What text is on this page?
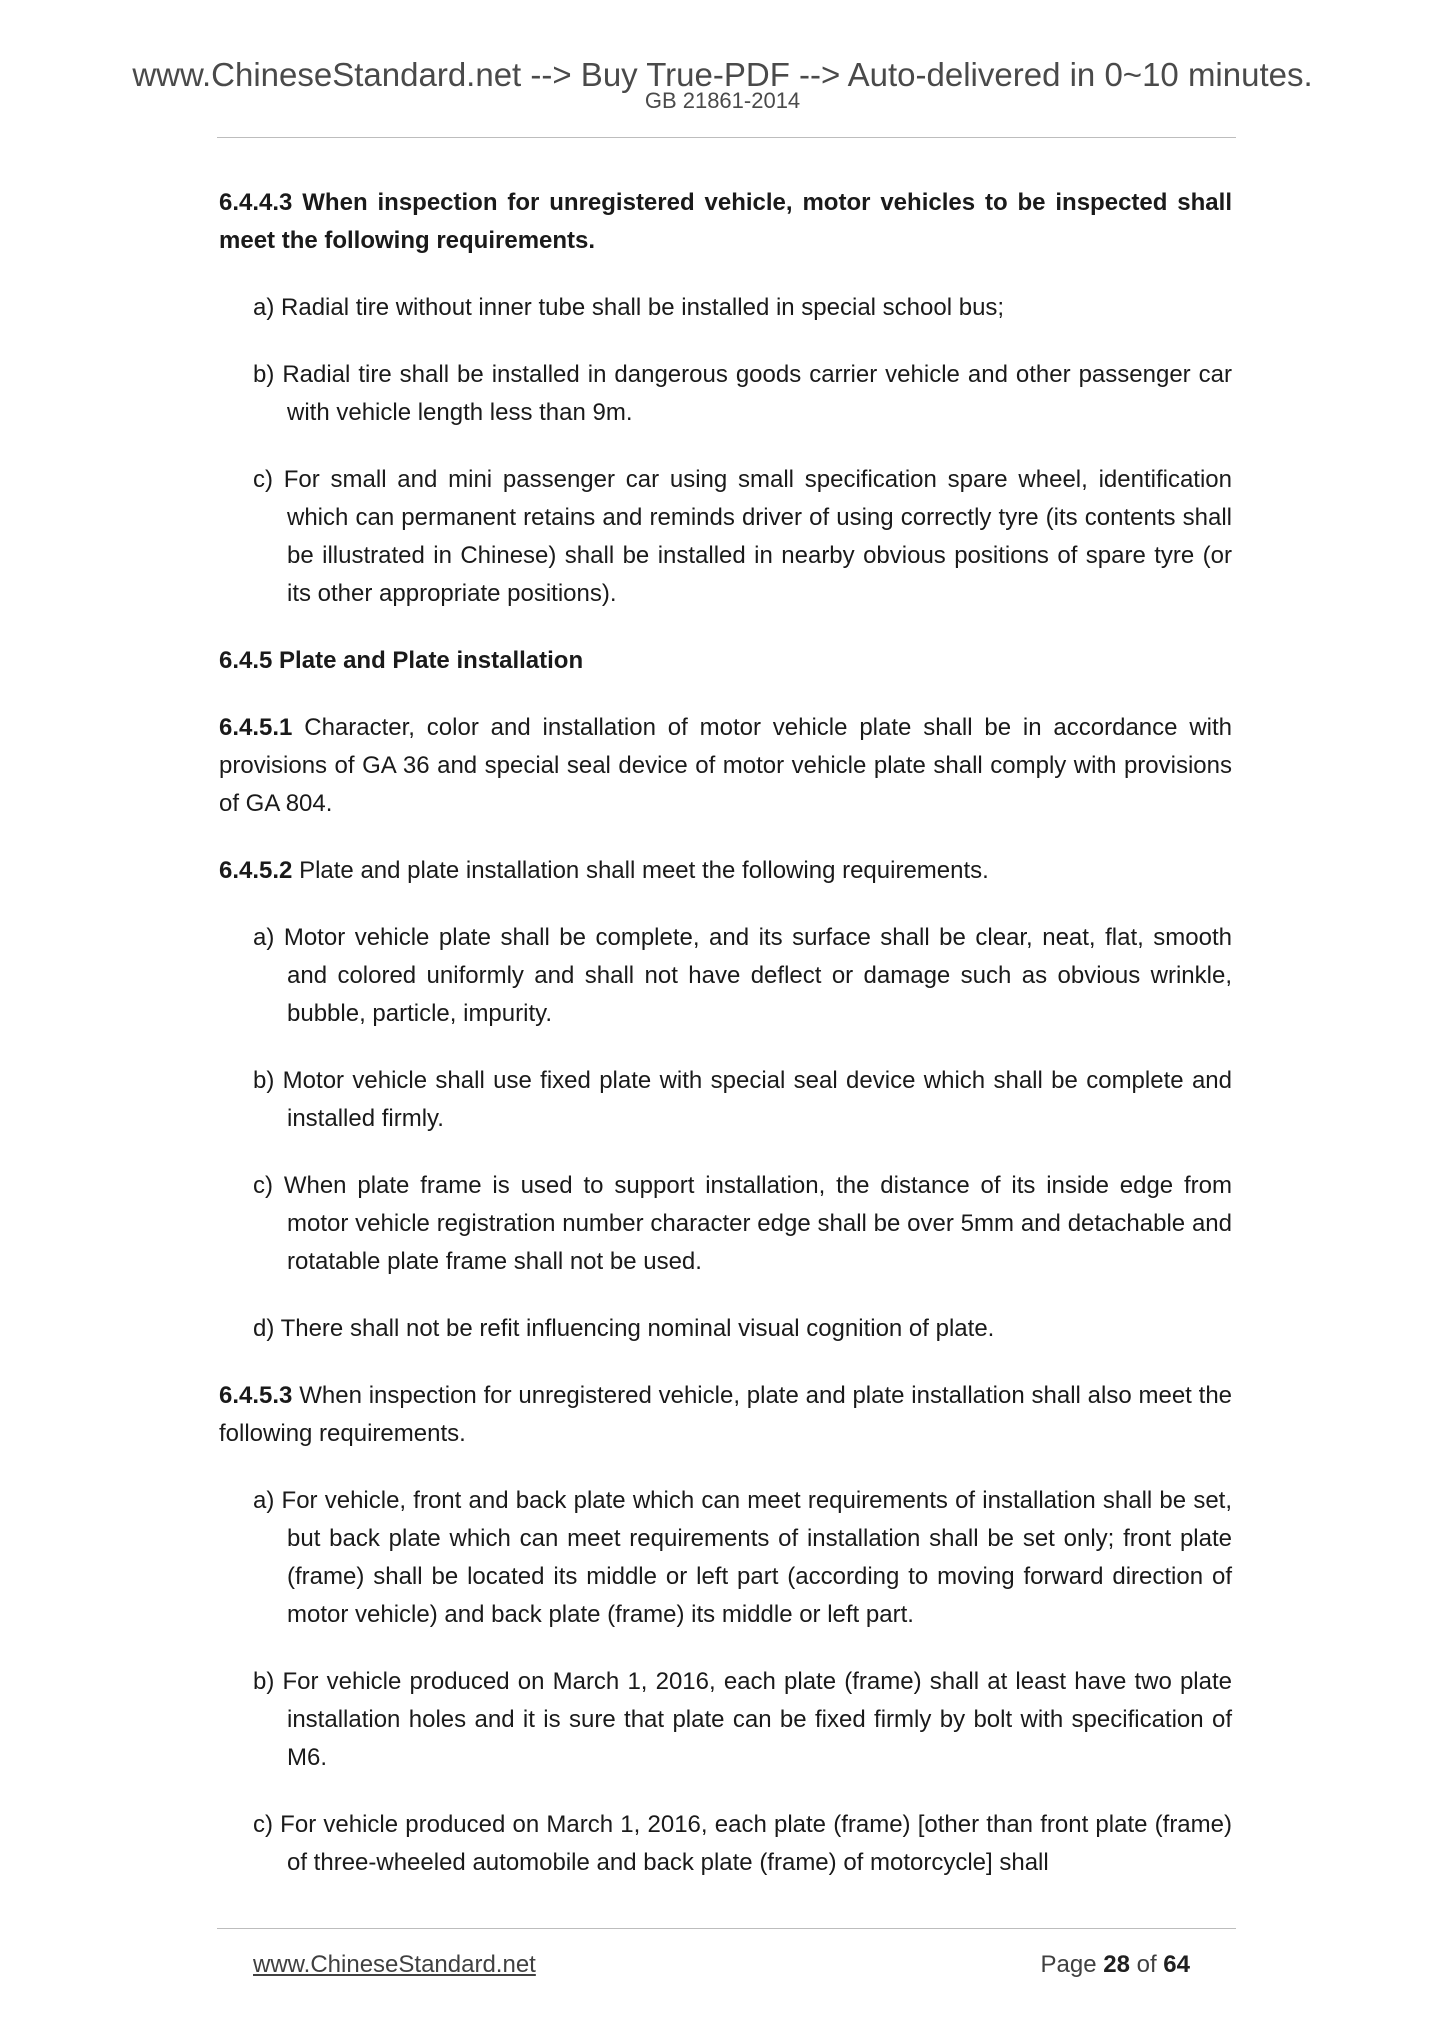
www.ChineseStandard.net --> Buy True-PDF --> Auto-delivered in 0~10 minutes.
GB 21861-2014

6.4.4.3 When inspection for unregistered vehicle, motor vehicles to be inspected shall meet the following requirements.

a) Radial tire without inner tube shall be installed in special school bus;

b) Radial tire shall be installed in dangerous goods carrier vehicle and other passenger car with vehicle length less than 9m.

c) For small and mini passenger car using small specification spare wheel, identification which can permanent retains and reminds driver of using correctly tyre (its contents shall be illustrated in Chinese) shall be installed in nearby obvious positions of spare tyre (or its other appropriate positions).

6.4.5 Plate and Plate installation

6.4.5.1 Character, color and installation of motor vehicle plate shall be in accordance with provisions of GA 36 and special seal device of motor vehicle plate shall comply with provisions of GA 804.

6.4.5.2 Plate and plate installation shall meet the following requirements.

a) Motor vehicle plate shall be complete, and its surface shall be clear, neat, flat, smooth and colored uniformly and shall not have deflect or damage such as obvious wrinkle, bubble, particle, impurity.

b) Motor vehicle shall use fixed plate with special seal device which shall be complete and installed firmly.

c) When plate frame is used to support installation, the distance of its inside edge from motor vehicle registration number character edge shall be over 5mm and detachable and rotatable plate frame shall not be used.

d) There shall not be refit influencing nominal visual cognition of plate.

6.4.5.3 When inspection for unregistered vehicle, plate and plate installation shall also meet the following requirements.

a) For vehicle, front and back plate which can meet requirements of installation shall be set, but back plate which can meet requirements of installation shall be set only; front plate (frame) shall be located its middle or left part (according to moving forward direction of motor vehicle) and back plate (frame) its middle or left part.

b) For vehicle produced on March 1, 2016, each plate (frame) shall at least have two plate installation holes and it is sure that plate can be fixed firmly by bolt with specification of M6.

c) For vehicle produced on March 1, 2016, each plate (frame) [other than front plate (frame) of three-wheeled automobile and back plate (frame) of motorcycle] shall

www.ChineseStandard.net	Page 28 of 64
